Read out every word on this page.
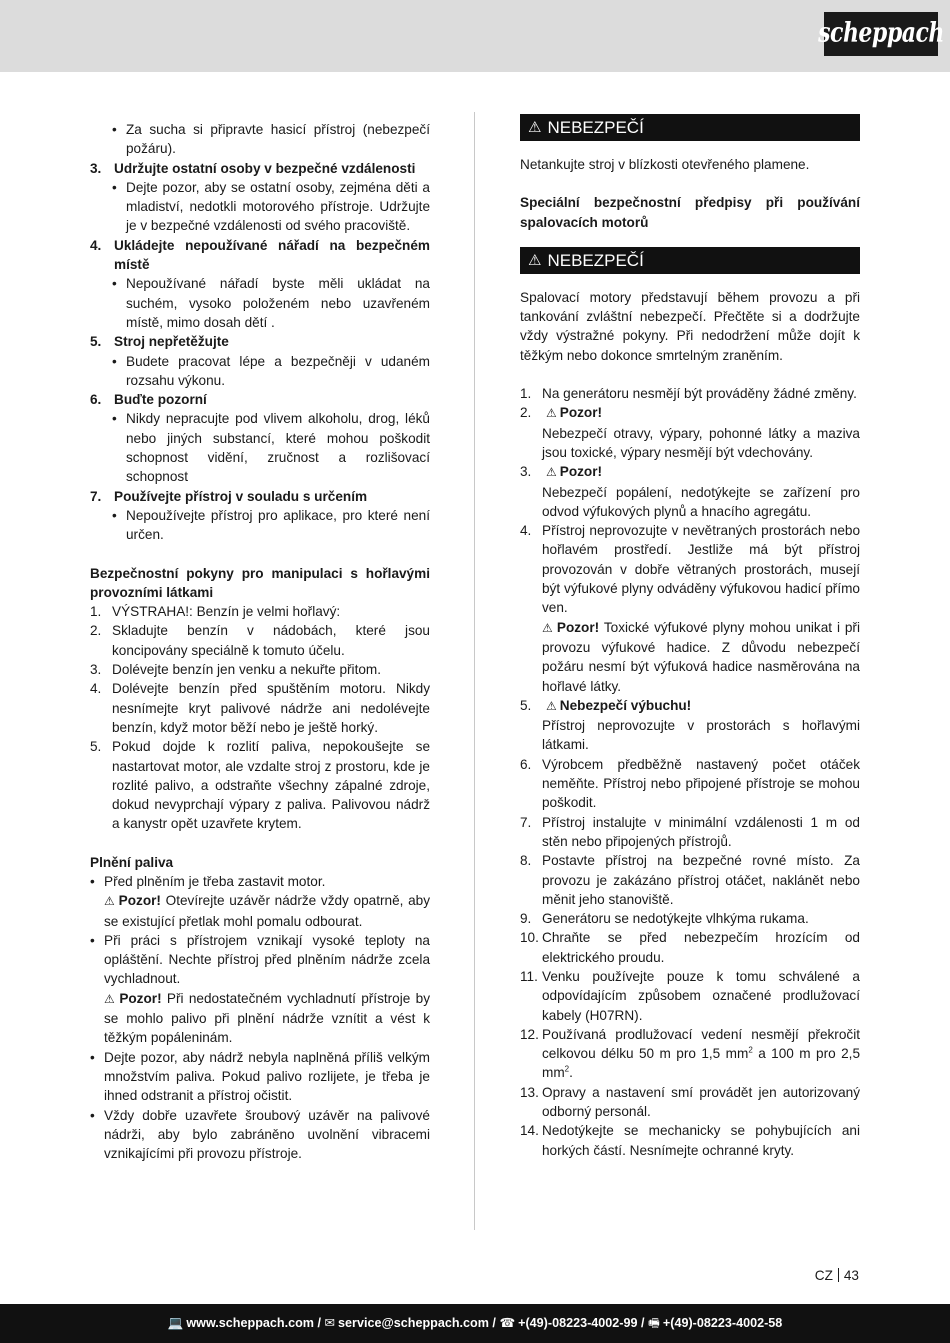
scheppach
• Za sucha si připravte hasicí přístroj (nebezpečí požáru).
3. Udržujte ostatní osoby v bezpečné vzdálenosti
• Dejte pozor, aby se ostatní osoby, zejména děti a mladiství, nedotkli motorového přístroje. Udržujte je v bezpečné vzdálenosti od svého pracoviště.
4. Ukládejte nepoužívané nářadí na bezpečném místě
• Nepoužívané nářadí byste měli ukládat na suchém, vysoko položeném nebo uzavřeném místě, mimo dosah dětí .
5. Stroj nepřetěžujte
• Budete pracovat lépe a bezpečněji v udaném rozsahu výkonu.
6. Buďte pozorní
• Nikdy nepracujte pod vlivem alkoholu, drog, léků nebo jiných substancí, které mohou poškodit schopnost vidění, zručnost a rozlišovací schopnost
7. Používejte přístroj v souladu s určením
• Nepoužívejte přístroj pro aplikace, pro které není určen.

Bezpečnostní pokyny pro manipulaci s hořlavými provozními látkami

1. VÝSTRAHA!: Benzín je velmi hořlavý:
2. Skladujte benzín v nádobách, které jsou koncipovány speciálně k tomuto účelu.
3. Dolévejte benzín jen venku a nekuřte přitom.
4. Dolévejte benzín před spuštěním motoru. Nikdy nesnímejte kryt palivové nádrže ani nedolévejte benzín, když motor běží nebo je ještě horký.
5. Pokud dojde k rozlití paliva, nepokoušejte se nastartovat motor, ale vzdalte stroj z prostoru, kde je rozlité palivo, a odstraňte všechny zápalné zdroje, dokud nevyprchají výpary z paliva. Palivovou nádrž a kanystr opět uzavřete krytem.

Plnění paliva

• Před plněním je třeba zastavit motor.

⚠ Pozor! Otevírejte uzávěr nádrže vždy opatrně, aby se existující přetlak mohl pomalu odbourat.

• Při práci s přístrojem vznikají vysoké teploty na opláštění. Nechte přístroj před plněním nádrže zcela vychladnout.

⚠ Pozor! Při nedostatečném vychladnutí přístroje by se mohlo palivo při plnění nádrže vznítit a vést k těžkým popáleninám.

• Dejte pozor, aby nádrž nebyla naplněná příliš velkým množstvím paliva. Pokud palivo rozlijete, je třeba je ihned odstranit a přístroj očistit.
• Vždy dobře uzavřete šroubový uzávěr na palivové nádrži, aby bylo zabráněno uvolnění vibracemi vznikajícími při provozu přístroje.
⚠ NEBEZPEČÍ

Netankujte stroj v blízkosti otevřeného plamene.

Speciální bezpečnostní předpisy při používání spalovacích motorů

⚠ NEBEZPEČÍ

Spalovací motory představují během provozu a při tankování zvláštní nebezpečí. Přečtěte si a dodržujte vždy výstražné pokyny. Při nedodržení může dojít k těžkým nebo dokonce smrtelným zraněním.

1. Na generátoru nesmějí být prováděny žádné změny.
2.	⚠ Pozor!
Nebezpečí otravy, výpary, pohonné látky a maziva jsou toxické, výpary nesmějí být vdechovány.
3.	⚠ Pozor!
Nebezpečí popálení, nedotýkejte se zařízení pro odvod výfukových plynů a hnacího agregátu.
4. Přístroj neprovozujte v nevětraných prostorách nebo hořlavém prostředí. Jestliže má být přístroj provozován v dobře větraných prostorách, musejí být výfukové plyny odváděny výfukovou hadicí přímo ven.
⚠ Pozor! Toxické výfukové plyny mohou unikat i při provozu výfukové hadice. Z důvodu nebezpečí požáru nesmí být výfuková hadice nasměrována na hořlavé látky.
5.	⚠ Nebezpečí výbuchu!
Přístroj neprovozujte v prostorách s hořlavými látkami.
6. Výrobcem předběžně nastavený počet otáček neměňte. Přístroj nebo připojené přístroje se mohou poškodit.
7. Přístroj instalujte v minimální vzdálenosti 1 m od stěn nebo připojených přístrojů.
8. Postavte přístroj na bezpečné rovné místo. Za provozu je zakázáno přístroj otáčet, naklánět nebo měnit jeho stanoviště.
9. Generátoru se nedotýkejte vlhkýma rukama.
10. Chraňte se před nebezpečím hrozícím od elektrického proudu.
11. Venku používejte pouze k tomu schválené a odpovídajícím způsobem označené prodlužovací kabely (H07RN).
12. Používaná prodlužovací vedení nesmějí překročit celkovou délku 50 m pro 1,5 $mm^2$ a 100 m pro 2,5 $mm^2$.
13. Opravy a nastavení smí provádět jen autorizovaný odborný personál.
14. Nedotýkejte se mechanicky se pohybujících ani horkých částí. Nesnímejte ochranné kryty.
CZ 43
💻 www.scheppach.com / ✉ service@scheppach.com / ☎ +(49)-08223-4002-99 / 🖷 +(49)-08223-4002-58
